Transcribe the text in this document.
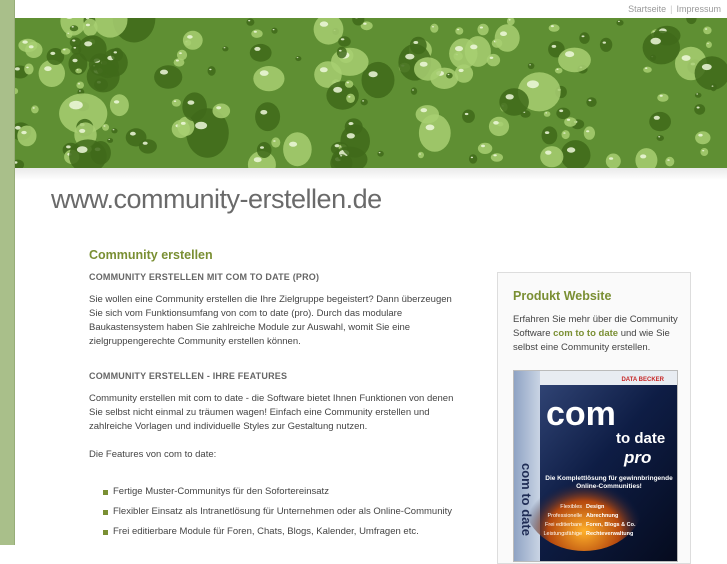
Startseite | Impressum
www.community-erstellen.de
Community erstellen
COMMUNITY ERSTELLEN MIT COM TO DATE (PRO)
Sie wollen eine Community erstellen die Ihre Zielgruppe begeistert? Dann überzeugen Sie sich vom Funktionsumfang von com to date (pro). Durch das modulare Baukastensystem haben Sie zahlreiche Module zur Auswahl, womit Sie eine zielgruppengerechte Community erstellen können.
COMMUNITY ERSTELLEN - IHRE FEATURES
Community erstellen mit com to date - die Software bietet Ihnen Funktionen von denen Sie selbst nicht einmal zu träumen wagen! Einfach eine Community erstellen und zahlreiche Vorlagen und individuelle Styles zur Gestaltung nutzen.
Die Features von com to date:
Fertige Muster-Communitys für den Sofortereinsatz
Flexibler Einsatz als Intranetlösung für Unternehmen oder als Online-Community
Frei editierbare Module für Foren, Chats, Blogs, Kalender, Umfragen etc.
Produkt Website
Erfahren Sie mehr über die Community Software com to to date und wie Sie selbst eine Community erstellen.
DATA BECKER
com
to date
pro
com to date Die Komplettlösung für gewinnbringende Online-Communities!
Flexibles Design
Professionelle Abrechnung
Frei editierbare Foren, Blogs & Co.
Leistungsfähige Rechteverwaltung
